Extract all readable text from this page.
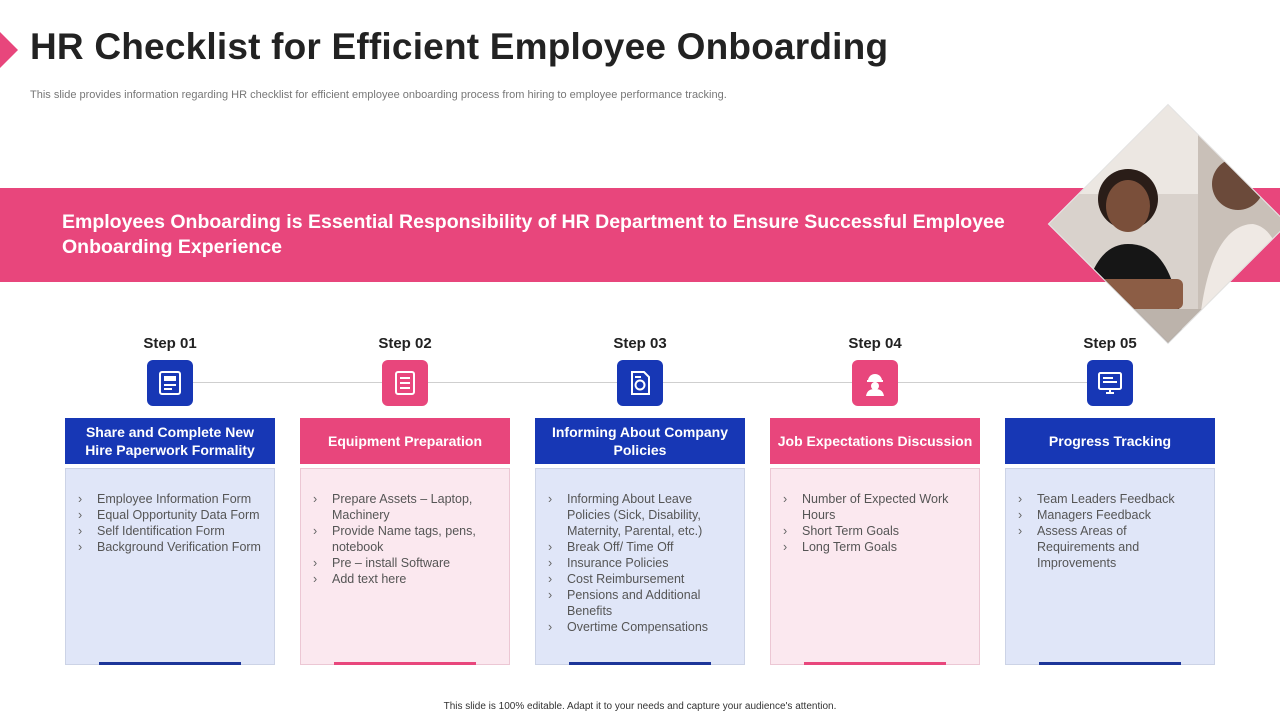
HR Checklist for Efficient Employee Onboarding

This slide provides information regarding HR checklist for efficient employee onboarding process from hiring to employee performance tracking.

Employees Onboarding is Essential Responsibility of HR Department to Ensure Successful Employee Onboarding Experience
Step 01
Share and Complete New Hire Paperwork Formality
› Employee Information Form
› Equal Opportunity Data Form
› Self Identification Form
› Background Verification Form
Step 02
Equipment Preparation
› Prepare Assets – Laptop, Machinery
› Provide Name tags, pens, notebook
› Pre – install Software
› Add text here
Step 03
Informing About Company Policies
› Informing About Leave Policies (Sick, Disability, Maternity, Parental, etc.)
› Break Off/ Time Off
› Insurance Policies
› Cost Reimbursement
› Pensions and Additional Benefits
› Overtime Compensations
Step 04
Job Expectations Discussion
› Number of Expected Work Hours
› Short Term Goals
› Long Term Goals
Step 05
Progress Tracking
› Team Leaders Feedback
› Managers Feedback
› Assess Areas of Requirements and Improvements

This slide is 100% editable. Adapt it to your needs and capture your audience's attention.
